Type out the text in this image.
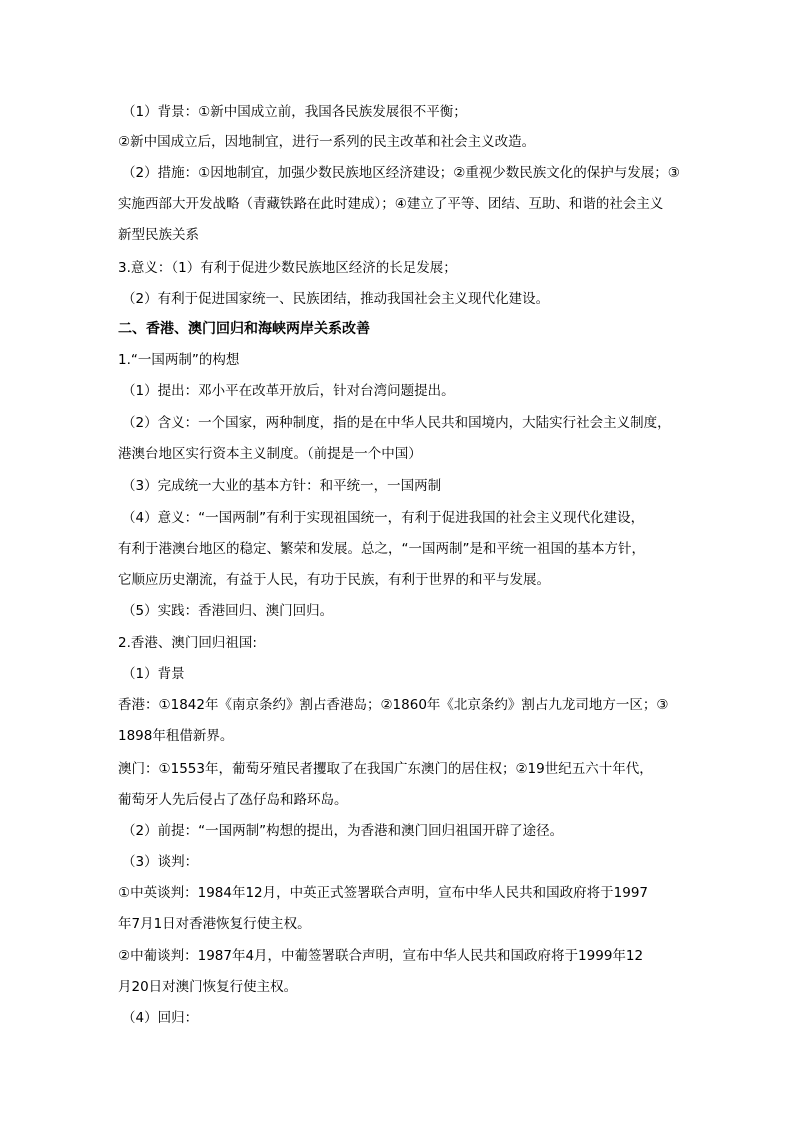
（1）背景：①新中国成立前，我国各民族发展很不平衡；
②新中国成立后，因地制宜，进行一系列的民主改革和社会主义改造。
（2）措施：①因地制宜，加强少数民族地区经济建设；②重视少数民族文化的保护与发展；③
实施西部大开发战略（青藏铁路在此时建成）；④建立了平等、团结、互助、和谐的社会主义
新型民族关系
3.意义：（1）有利于促进少数民族地区经济的长足发展；
（2）有利于促进国家统一、民族团结，推动我国社会主义现代化建设。
二、香港、澳门回归和海峡两岸关系改善
1.“一国两制”的构想
（1）提出：邓小平在改革开放后，针对台湾问题提出。
（2）含义：一个国家，两种制度，指的是在中华人民共和国境内，大陆实行社会主义制度，
港澳台地区实行资本主义制度。（前提是一个中国）
（3）完成统一大业的基本方针：和平统一，一国两制
（4）意义：“一国两制”有利于实现祖国统一，有利于促进我国的社会主义现代化建设，
有利于港澳台地区的稳定、繁荣和发展。总之，“一国两制”是和平统一祖国的基本方针，
它顺应历史潮流，有益于人民，有功于民族，有利于世界的和平与发展。
（5）实践：香港回归、澳门回归。
2.香港、澳门回归祖国:
（1）背景
香港：①1842年《南京条约》割占香港岛；②1860年《北京条约》割占九龙司地方一区；③
1898年租借新界。
澳门：①1553年，葡萄牙殖民者攫取了在我国广东澳门的居住权；②19世纪五六十年代，
葡萄牙人先后侵占了氹仔岛和路环岛。
（2）前提：“一国两制”构想的提出，为香港和澳门回归祖国开辟了途径。
（3）谈判：
①中英谈判：1984年12月，中英正式签署联合声明，宣布中华人民共和国政府将于1997
年7月1日对香港恢复行使主权。
②中葡谈判：1987年4月，中葡签署联合声明，宣布中华人民共和国政府将于1999年12
月20日对澳门恢复行使主权。
（4）回归：
